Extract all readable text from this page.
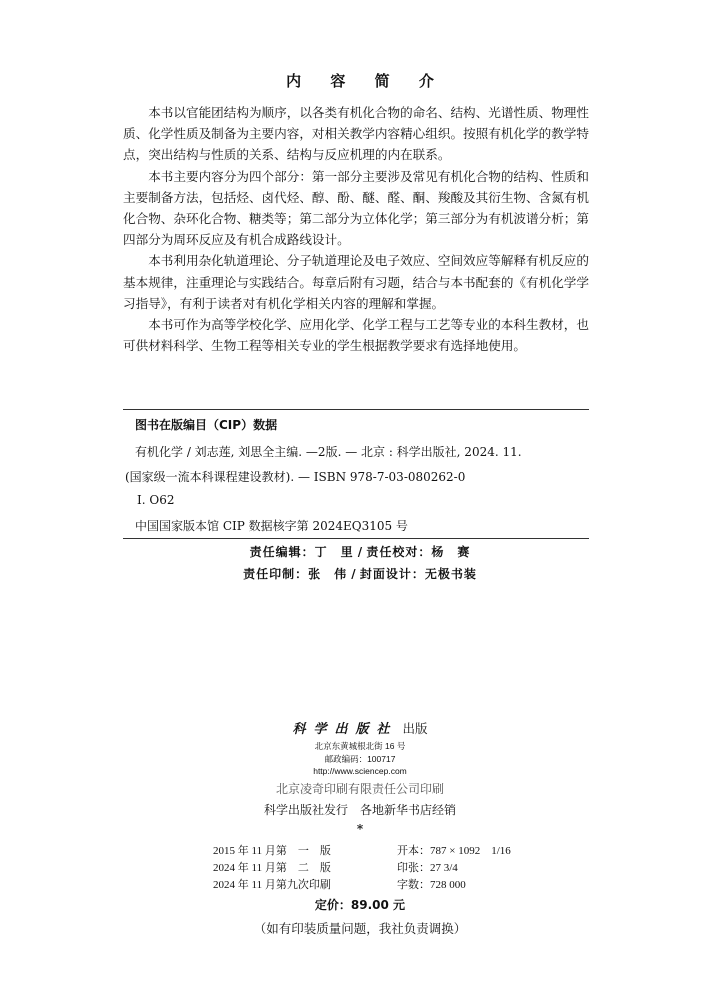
内 容 简 介

本书以官能团结构为顺序，以各类有机化合物的命名、结构、光谱性质、物理性质、化学性质及制备为主要内容，对相关教学内容精心组织。按照有机化学的教学特点，突出结构与性质的关系、结构与反应机理的内在联系。

本书主要内容分为四个部分：第一部分主要涉及常见有机化合物的结构、性质和主要制备方法，包括烃、卤代烃、醇、酚、醚、醛、酮、羧酸及其衍生物、含氮有机化合物、杂环化合物、糖类等；第二部分为立体化学；第三部分为有机波谱分析；第四部分为周环反应及有机合成路线设计。

本书利用杂化轨道理论、分子轨道理论及电子效应、空间效应等解释有机反应的基本规律，注重理论与实践结合。每章后附有习题，结合与本书配套的《有机化学学习指导》，有利于读者对有机化学相关内容的理解和掌握。

本书可作为高等学校化学、应用化学、化学工程与工艺等专业的本科生教材，也可供材料科学、生物工程等相关专业的学生根据教学要求有选择地使用。

图书在版编目（CIP）数据
有机化学 / 刘志莲, 刘思全主编. —2版. — 北京 : 科学出版社, 2024. 11.
(国家级一流本科课程建设教材). — ISBN 978-7-03-080262-0
Ⅰ. O62
中国国家版本馆 CIP 数据核字第 2024EQ3105 号
责任编辑：丁　里 / 责任校对：杨　赛
责任印制：张　伟 / 封面设计：无极书装
科学出版社 出版
北京东黄城根北街 16 号
邮政编码：100717
http://www.sciencep.com
北京凌奇印刷有限责任公司印刷
科学出版社发行　各地新华书店经销
*
2015 年 11 月第　一　版	开本：787 × 1092　1/16
2024 年 11 月第　二　版	印张：27 3/4
2024 年 11 月第九次印刷	字数：728 000
定价：89.00 元
（如有印装质量问题，我社负责调换）
